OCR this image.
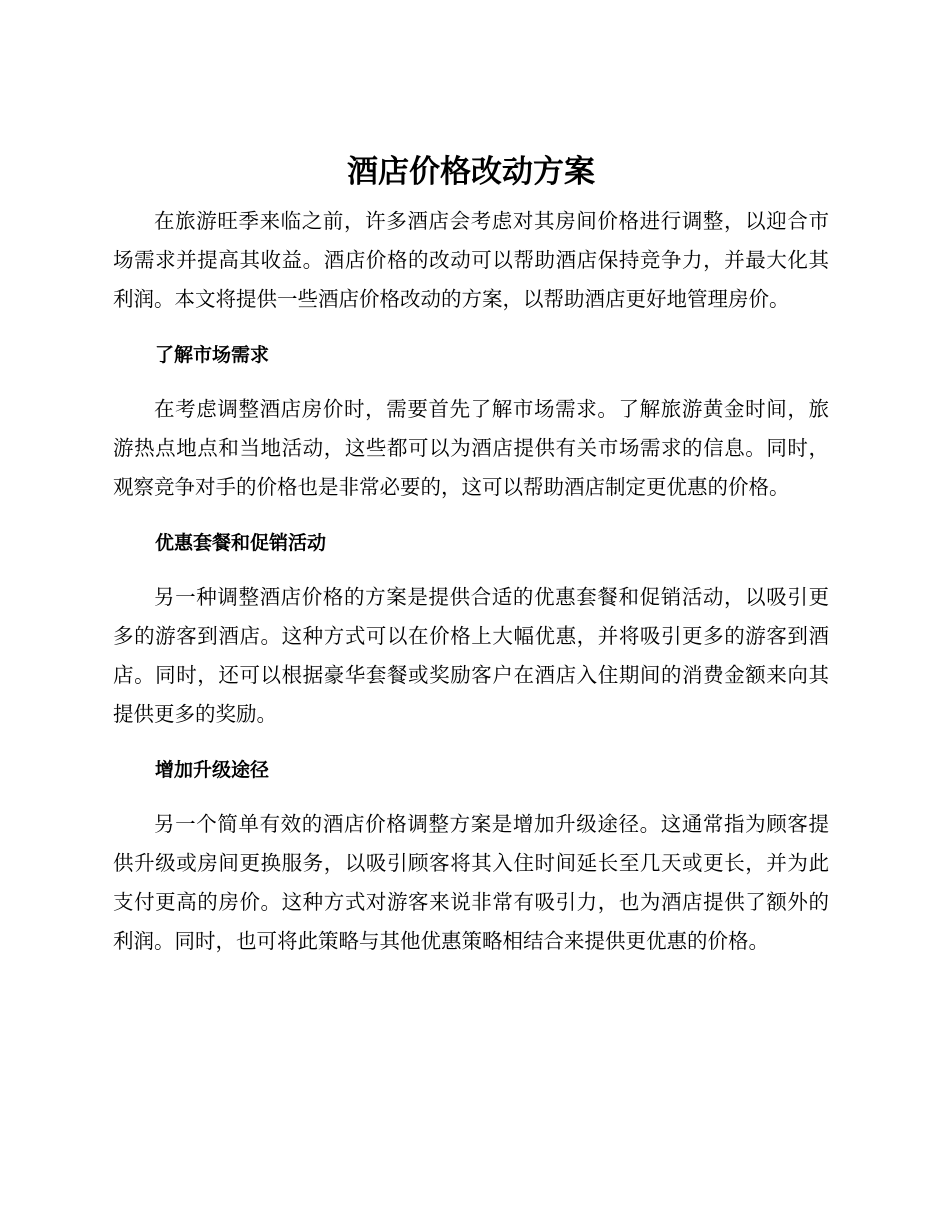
酒店价格改动方案

在旅游旺季来临之前，许多酒店会考虑对其房间价格进行调整，以迎合市场需求并提高其收益。酒店价格的改动可以帮助酒店保持竞争力，并最大化其利润。本文将提供一些酒店价格改动的方案，以帮助酒店更好地管理房价。

了解市场需求

在考虑调整酒店房价时，需要首先了解市场需求。了解旅游黄金时间，旅游热点地点和当地活动，这些都可以为酒店提供有关市场需求的信息。同时，观察竞争对手的价格也是非常必要的，这可以帮助酒店制定更优惠的价格。

优惠套餐和促销活动

另一种调整酒店价格的方案是提供合适的优惠套餐和促销活动，以吸引更多的游客到酒店。这种方式可以在价格上大幅优惠，并将吸引更多的游客到酒店。同时，还可以根据豪华套餐或奖励客户在酒店入住期间的消费金额来向其提供更多的奖励。

增加升级途径

另一个简单有效的酒店价格调整方案是增加升级途径。这通常指为顾客提供升级或房间更换服务，以吸引顾客将其入住时间延长至几天或更长，并为此支付更高的房价。这种方式对游客来说非常有吸引力，也为酒店提供了额外的利润。同时，也可将此策略与其他优惠策略相结合来提供更优惠的价格。
